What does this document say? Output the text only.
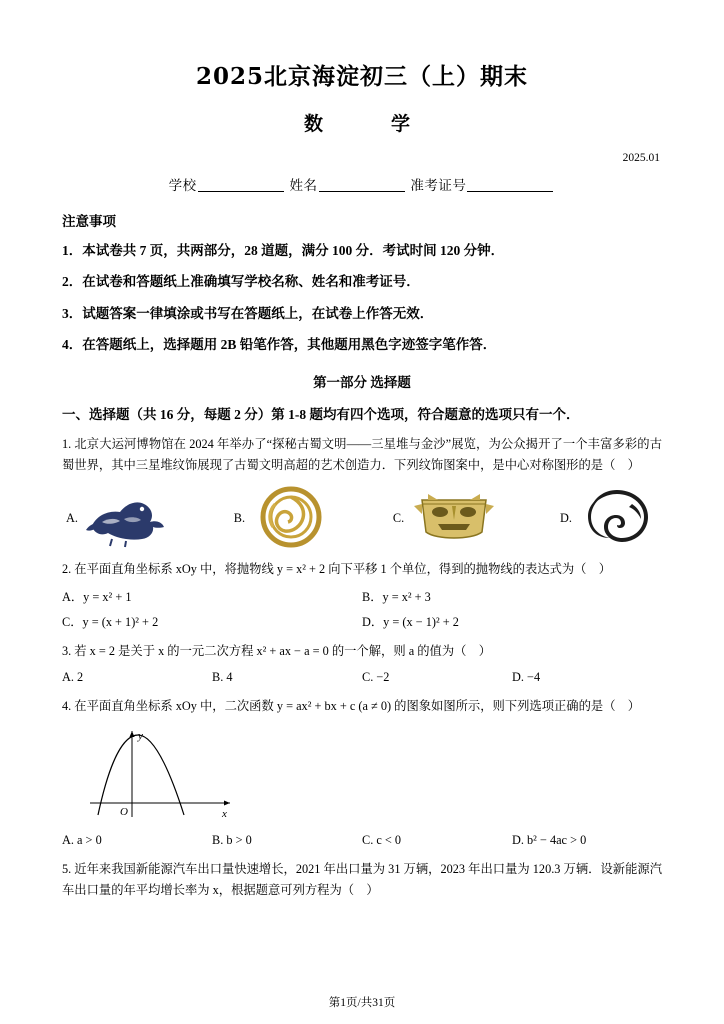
2025北京海淀初三（上）期末
数　　学
2025.01
学校	姓名	准考证号
注意事项
1．本试卷共 7 页，共两部分，28 道题，满分 100 分．考试时间 120 分钟．
2．在试卷和答题纸上准确填写学校名称、姓名和准考证号．
3．试题答案一律填涂或书写在答题纸上，在试卷上作答无效．
4．在答题纸上，选择题用 2B 铅笔作答，其他题用黑色字迹签字笔作答．
第一部分 选择题
一、选择题（共 16 分，每题 2 分）第 1-8 题均有四个选项，符合题意的选项只有一个．
1. 北京大运河博物馆在 2024 年举办了“探秘古蜀文明——三星堆与金沙”展览，为公众揭开了一个丰富多彩的古蜀世界，其中三星堆纹饰展现了古蜀文明高超的艺术创造力．下列纹饰图案中，是中心对称图形的是（　）
A.	B.	C.	D.
2. 在平面直角坐标系 xOy 中，将抛物线 y = x² + 2 向下平移 1 个单位，得到的抛物线的表达式为（　）
A．y = x² + 1	B．y = x² + 3
C．y = (x + 1)² + 2	D．y = (x − 1)² + 2
3. 若 x = 2 是关于 x 的一元二次方程 x² + ax − a = 0 的一个解，则 a 的值为（　）
A. 2	B. 4	C. −2	D. −4
4. 在平面直角坐标系 xOy 中，二次函数 y = ax² + bx + c (a ≠ 0) 的图象如图所示，则下列选项正确的是（　）
y
x
O
A. a > 0	B. b > 0	C. c < 0	D. b² − 4ac > 0
5. 近年来我国新能源汽车出口量快速增长，2021 年出口量为 31 万辆，2023 年出口量为 120.3 万辆．设新能源汽车出口量的年平均增长率为 x，根据题意可列方程为（　）
第1页/共31页
